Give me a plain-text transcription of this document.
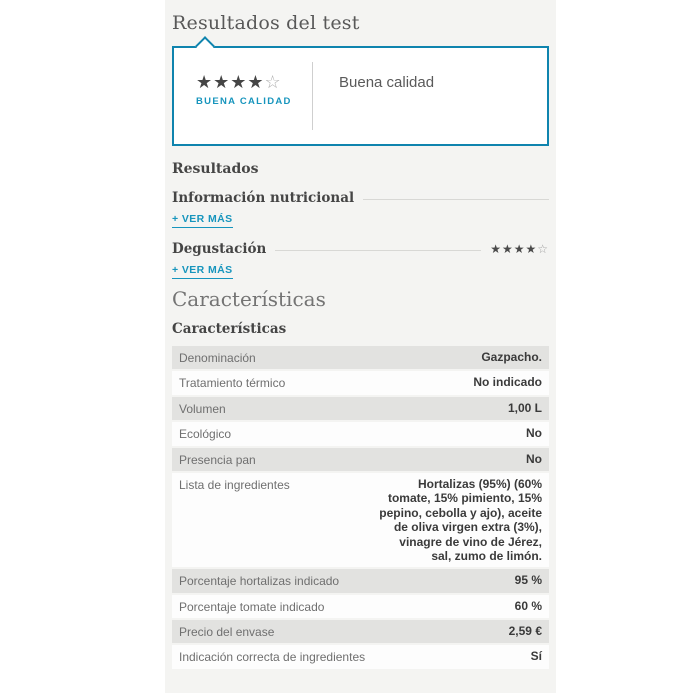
Resultados del test
★★★★☆
BUENA CALIDAD
Buena calidad
Resultados
Información nutricional
+ VER MÁS
Degustación	★★★★☆
+ VER MÁS
Características
Características
Denominación	Gazpacho.
Tratamiento térmico	No indicado
Volumen	1,00 L
Ecológico	No
Presencia pan	No
Lista de ingredientes	Hortalizas (95%) (60% tomate, 15% pimiento, 15% pepino, cebolla y ajo), aceite de oliva virgen extra (3%), vinagre de vino de Jérez, sal, zumo de limón.
Porcentaje hortalizas indicado	95 %
Porcentaje tomate indicado	60 %
Precio del envase	2,59 €
Indicación correcta de ingredientes	Sí
